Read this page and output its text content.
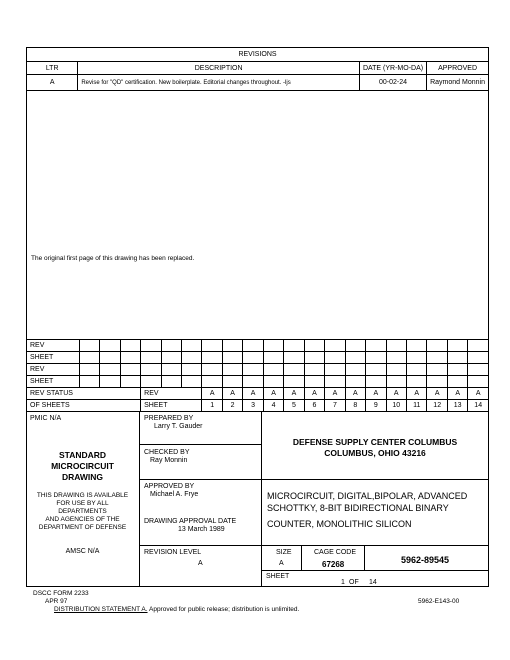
REVISIONS			
LTR	DESCRIPTION	DATE (YR-MO-DA)	APPROVED
A	Revise for "QD" certification. New boilerplate. Editorial changes throughout. -ljs	00-02-24	Raymond Monnin
The original first page of this drawing has been replaced.
REV																				
SHEET																				
REV																				
SHEET																				
REV STATUS				REV			A	A	A	A	A	A	A	A	A	A	A	A	A	A
OF SHEETS				SHEET			1	2	3	4	5	6	7	8	9	10	11	12	13	14
PMIC N/A
STANDARD
MICROCIRCUIT
DRAWING
THIS DRAWING IS AVAILABLE
FOR USE BY ALL
DEPARTMENTS
AND AGENCIES OF THE
DEPARTMENT OF DEFENSE
AMSC N/A
PREPARED BY
Larry T. Gauder
CHECKED BY
Ray Monnin
APPROVED BY
Michael A. Frye
DRAWING APPROVAL DATE
13 March 1989
REVISION LEVEL
A
DEFENSE SUPPLY CENTER COLUMBUS
COLUMBUS, OHIO 43216
MICROCIRCUIT, DIGITAL,BIPOLAR, ADVANCED
SCHOTTKY, 8-BIT BIDIRECTIONAL BINARY
COUNTER, MONOLITHIC SILICON
SIZE
A
CAGE CODE
67268	5962-89545
SHEET
1 OF 14
DSCC FORM 2233
APR 97	5962-E143-00
DISTRIBUTION STATEMENT A. Approved for public release; distribution is unlimited.
